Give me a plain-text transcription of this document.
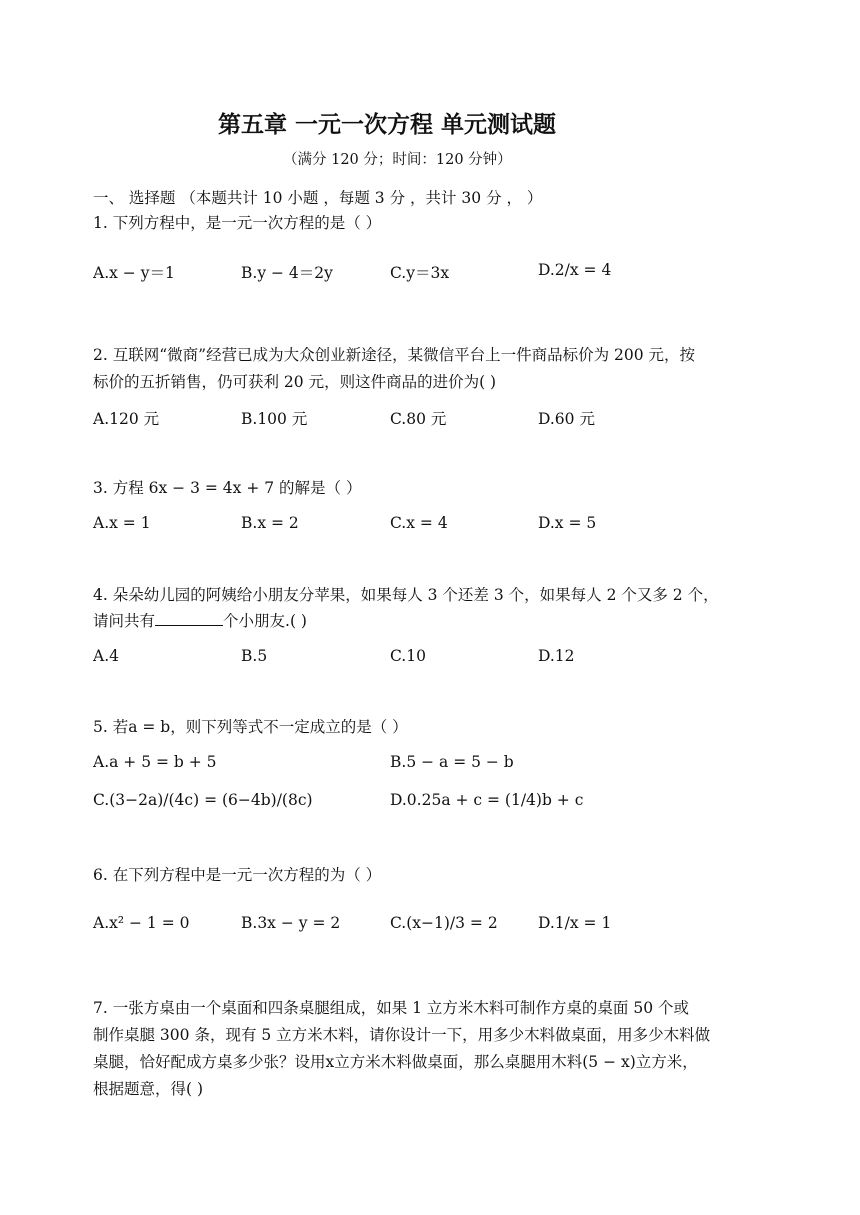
第五章 一元一次方程 单元测试题
（满分 120 分；时间：120 分钟）
一、 选择题 （本题共计 10 小题 ，每题 3 分 ，共计 30 分 ， ）
1. 下列方程中，是一元一次方程的是（ ）
A.x − y＝1	B.y − 4＝2y	C.y＝3x	D.2/x = 4
2. 互联网“微商”经营已成为大众创业新途径，某微信平台上一件商品标价为 200 元，按
标价的五折销售，仍可获利 20 元，则这件商品的进价为( )
A.120 元	B.100 元	C.80 元	D.60 元
3. 方程 6x − 3 = 4x + 7 的解是（ ）
A.x = 1	B.x = 2	C.x = 4	D.x = 5
4. 朵朵幼儿园的阿姨给小朋友分苹果，如果每人 3 个还差 3 个，如果每人 2 个又多 2 个，
请问共有	个小朋友.( )
A.4	B.5	C.10	D.12
5. 若a = b，则下列等式不一定成立的是（ ）
A.a + 5 = b + 5	B.5 − a = 5 − b
C.(3−2a)/(4c) = (6−4b)/(8c)	D.0.25a + c = (1/4)b + c
6. 在下列方程中是一元一次方程的为（ ）
A.x² − 1 = 0	B.3x − y = 2	C.(x−1)/3 = 2	D.1/x = 1
7. 一张方桌由一个桌面和四条桌腿组成，如果 1 立方米木料可制作方桌的桌面 50 个或
制作桌腿 300 条，现有 5 立方米木料，请你设计一下，用多少木料做桌面，用多少木料做
桌腿，恰好配成方桌多少张？设用x立方米木料做桌面，那么桌腿用木料(5 − x)立方米，
根据题意，得( )
